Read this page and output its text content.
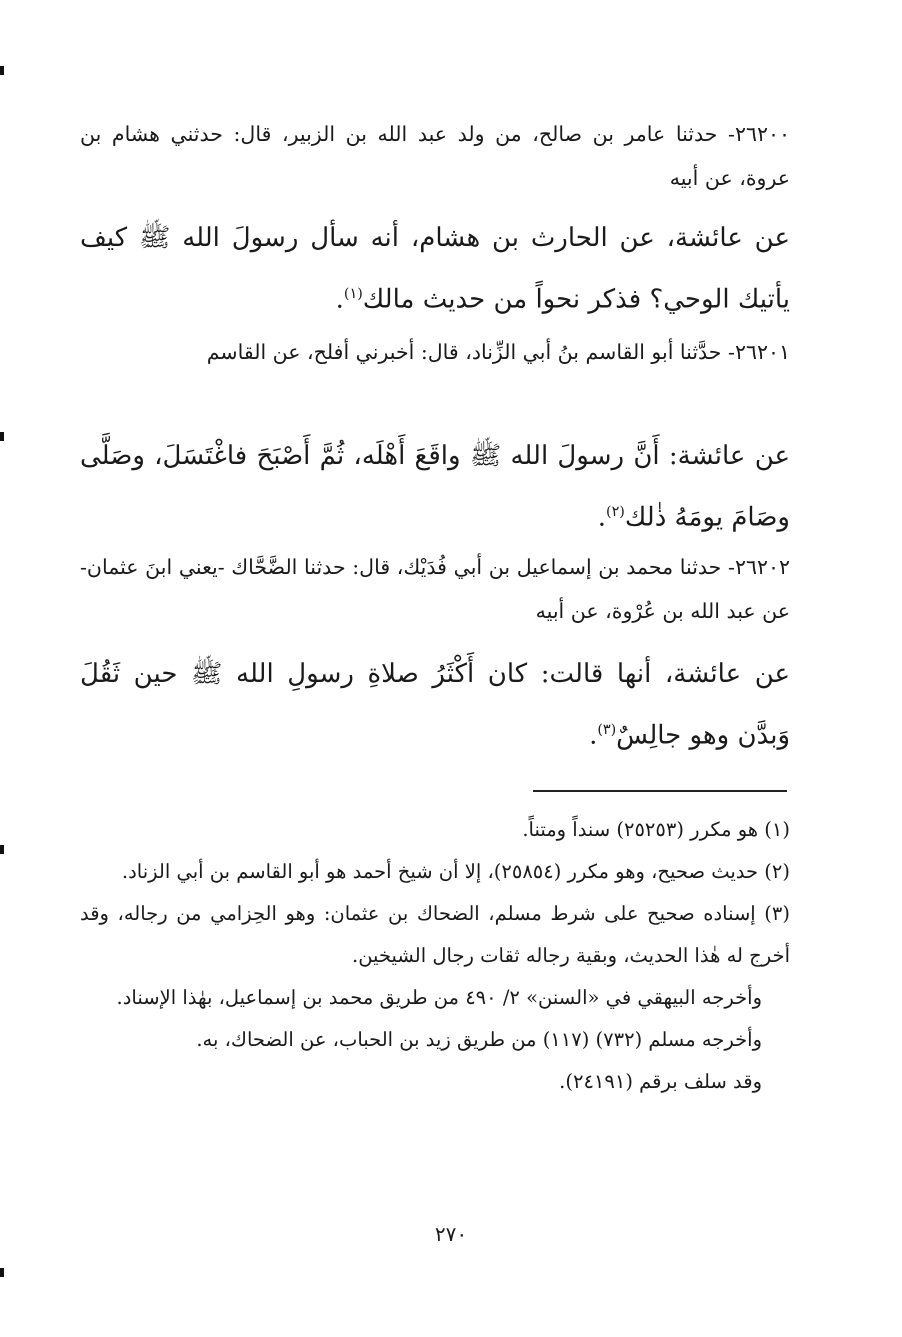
٢٦٢٠٠- حدثنا عامر بن صالح، من ولد عبد الله بن الزبير، قال: حدثني هشام بن عروة، عن أبيه
عن عائشة، عن الحارث بن هشام، أنه سأل رسولَ الله ﷺ كيف يأتيك الوحي؟ فذكر نحواً من حديث مالك$^{(١)}$.
٢٦٢٠١- حدَّثنا أبو القاسم بنُ أبي الزِّناد، قال: أخبرني أفلح، عن القاسم
عن عائشة: أَنَّ رسولَ الله ﷺ واقَعَ أَهْلَه، ثُمَّ أَصْبَحَ فاغْتَسَلَ، وصَلَّى وصَامَ يومَهُ ذٰلك$^{(٢)}$.
٢٦٢٠٢- حدثنا محمد بن إسماعيل بن أبي فُدَيْك، قال: حدثنا الضَّحَّاك -يعني ابنَ عثمان- عن عبد الله بن عُرْوة، عن أبيه
عن عائشة، أنها قالت: كان أَكْثَرُ صلاةِ رسولِ الله ﷺ حين ثَقُلَ وَبدَّن وهو جالِسٌ$^{(٣)}$.
(١) هو مكرر (٢٥٢٥٣) سنداً ومتناً.
(٢) حديث صحيح، وهو مكرر (٢٥٨٥٤)، إلا أن شيخ أحمد هو أبو القاسم بن أبي الزناد.
(٣) إسناده صحيح على شرط مسلم، الضحاك بن عثمان: وهو الحِزامي من رجاله، وقد أخرج له هٰذا الحديث، وبقية رجاله ثقات رجال الشيخين.
وأخرجه البيهقي في «السنن» ٢/ ٤٩٠ من طريق محمد بن إسماعيل، بهٰذا الإسناد.
وأخرجه مسلم (٧٣٢) (١١٧) من طريق زيد بن الحباب، عن الضحاك، به.
وقد سلف برقم (٢٤١٩١).
٢٧٠
